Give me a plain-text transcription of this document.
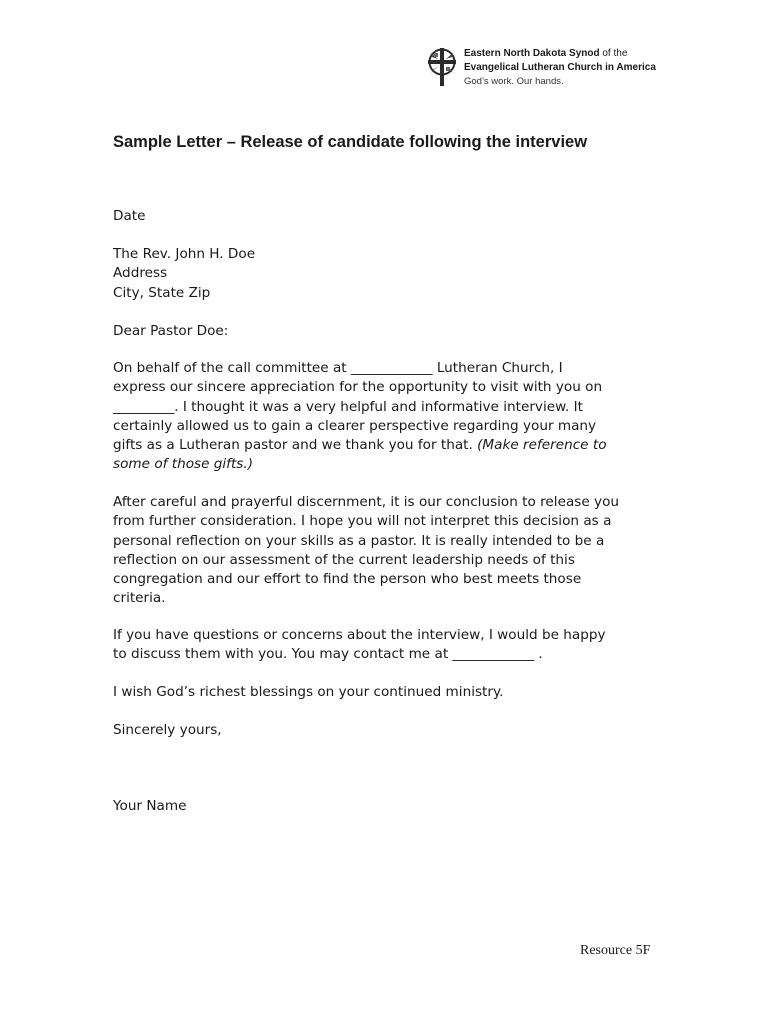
Eastern North Dakota Synod of the
Evangelical Lutheran Church in America
God’s work. Our hands.
Sample Letter – Release of candidate following the interview

Date

The Rev. John H. Doe
Address
City, State Zip

Dear Pastor Doe:

On behalf of the call committee at ____________ Lutheran Church, I
express our sincere appreciation for the opportunity to visit with you on
_________. I thought it was a very helpful and informative interview. It
certainly allowed us to gain a clearer perspective regarding your many
gifts as a Lutheran pastor and we thank you for that. (Make reference to
some of those gifts.)
After careful and prayerful discernment, it is our conclusion to release you
from further consideration. I hope you will not interpret this decision as a
personal reflection on your skills as a pastor. It is really intended to be a
reflection on our assessment of the current leadership needs of this
congregation and our effort to find the person who best meets those
criteria.
If you have questions or concerns about the interview, I would be happy
to discuss them with you. You may contact me at ____________ .

I wish God’s richest blessings on your continued ministry.

Sincerely yours,

Your Name

Resource 5F
